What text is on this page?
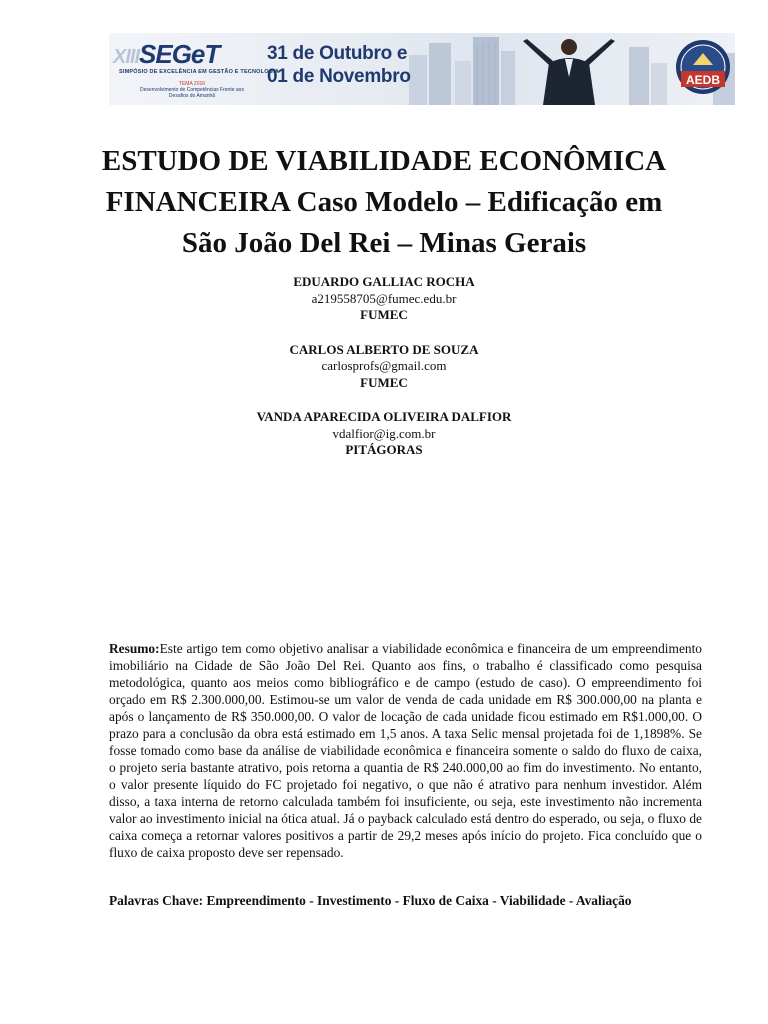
XIIISEGeT
SIMPÓSIO DE EXCELÊNCIA EM GESTÃO E TECNOLOGIA
TEMA 2016
Desenvolvimento de Competências Frente aos Desafios do Amanhã
31 de Outubro e
01 de Novembro	AEDB
ESTUDO DE VIABILIDADE ECONÔMICA FINANCEIRA Caso Modelo – Edificação em São João Del Rei – Minas Gerais
EDUARDO GALLIAC ROCHA
a219558705@fumec.edu.br
FUMEC
CARLOS ALBERTO DE SOUZA
carlosprofs@gmail.com
FUMEC
VANDA APARECIDA OLIVEIRA DALFIOR
vdalfior@ig.com.br
PITÁGORAS

Resumo:Este artigo tem como objetivo analisar a viabilidade econômica e financeira de um empreendimento imobiliário na Cidade de São João Del Rei. Quanto aos fins, o trabalho é classificado como pesquisa metodológica, quanto aos meios como bibliográfico e de campo (estudo de caso). O empreendimento foi orçado em R$ 2.300.000,00. Estimou-se um valor de venda de cada unidade em R$ 300.000,00 na planta e após o lançamento de R$ 350.000,00. O valor de locação de cada unidade ficou estimado em R$1.000,00. O prazo para a conclusão da obra está estimado em 1,5 anos. A taxa Selic mensal projetada foi de 1,1898%. Se fosse tomado como base da análise de viabilidade econômica e financeira somente o saldo do fluxo de caixa, o projeto seria bastante atrativo, pois retorna a quantia de R$ 240.000,00 ao fim do investimento. No entanto, o valor presente líquido do FC projetado foi negativo, o que não é atrativo para nenhum investidor. Além disso, a taxa interna de retorno calculada também foi insuficiente, ou seja, este investimento não incrementa valor ao investimento inicial na ótica atual. Já o payback calculado está dentro do esperado, ou seja, o fluxo de caixa começa a retornar valores positivos a partir de 29,2 meses após início do projeto. Fica concluído que o fluxo de caixa proposto deve ser repensado.

Palavras Chave: Empreendimento - Investimento - Fluxo de Caixa - Viabilidade - Avaliação
